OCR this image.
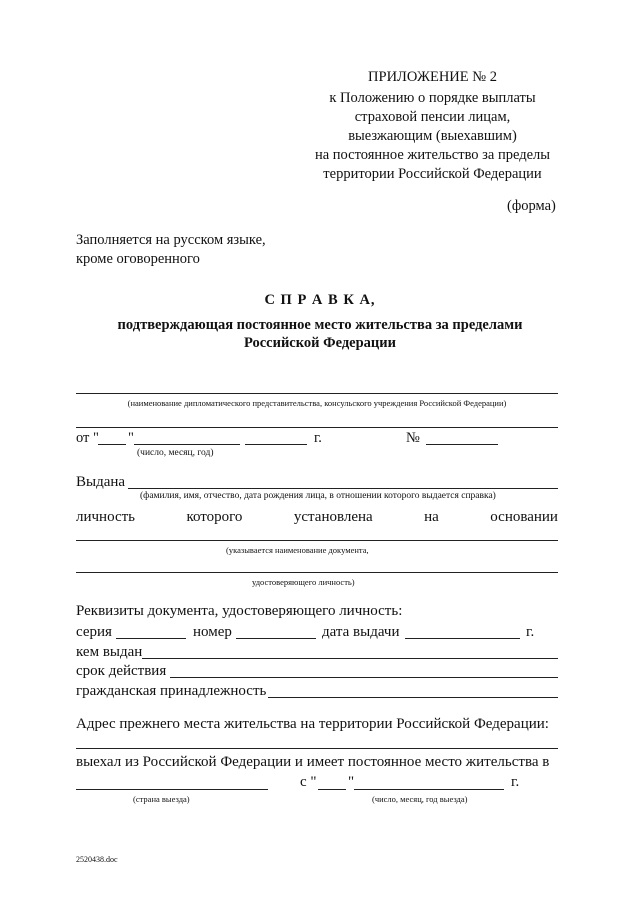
ПРИЛОЖЕНИЕ № 2
к Положению о порядке выплаты
страховой пенсии лицам,
выезжающим (выехавшим)
на постоянное жительство за пределы
территории Российской Федерации
(форма)
Заполняется на русском языке,
кроме оговоренного
С П Р А В К А,
подтверждающая постоянное место жительства за пределами
Российской Федерации
(наименование дипломатического представительства, консульского учреждения Российской Федерации)
от " "	г.	№
(число, месяц, год)
Выдана
(фамилия, имя, отчество, дата рождения лица, в отношении которого выдается справка)
личность	которого	установлена	на	основании
(указывается наименование документа,
удостоверяющего личность)
Реквизиты документа, удостоверяющего личность:
серия	номер	дата выдачи	г.
кем выдан
срок действия
гражданская принадлежность
Адрес прежнего места жительства на территории Российской Федерации:
выехал из Российской Федерации и имеет постоянное место жительства в
с " "	г.
(страна выезда)	(число, месяц, год выезда)
2520438.doc
